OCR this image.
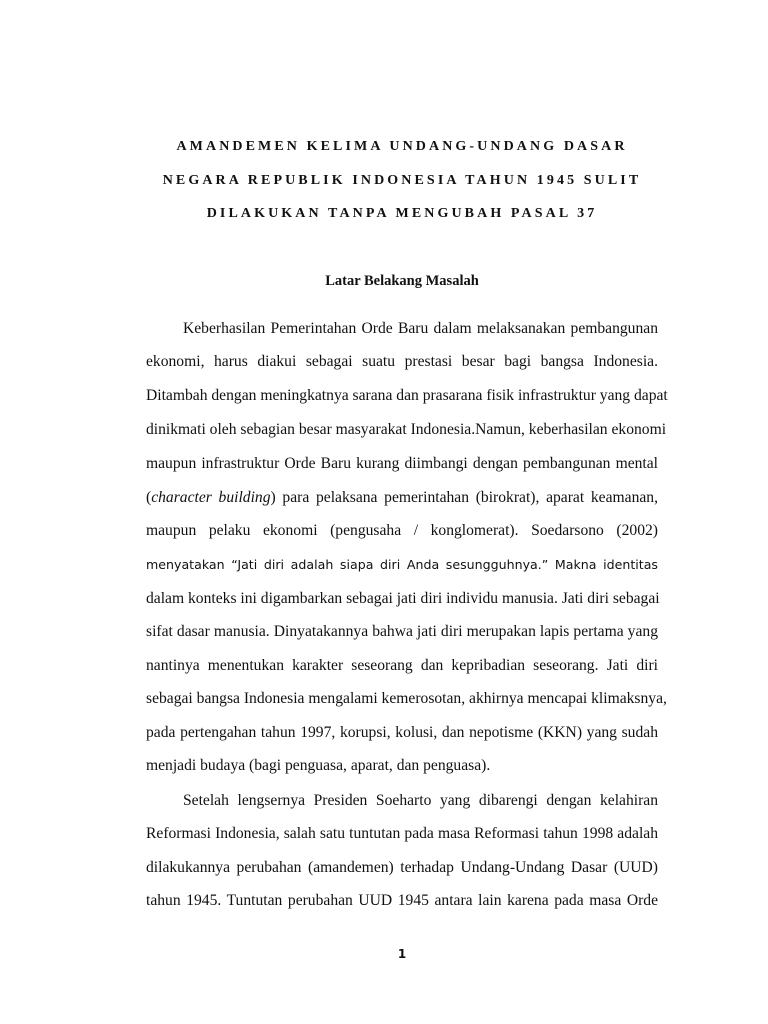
AMANDEMEN KELIMA UNDANG-UNDANG DASAR
NEGARA REPUBLIK INDONESIA TAHUN 1945 SULIT
DILAKUKAN TANPA MENGUBAH PASAL 37
Latar Belakang Masalah
Keberhasilan Pemerintahan Orde Baru dalam melaksanakan pembangunan
ekonomi, harus diakui sebagai suatu prestasi besar bagi bangsa Indonesia.
Ditambah dengan meningkatnya sarana dan prasarana fisik infrastruktur yang dapat
dinikmati oleh sebagian besar masyarakat Indonesia.Namun, keberhasilan ekonomi
maupun infrastruktur Orde Baru kurang diimbangi dengan pembangunan mental
(character building) para pelaksana pemerintahan (birokrat), aparat keamanan,
maupun pelaku ekonomi (pengusaha / konglomerat). Soedarsono (2002)
menyatakan “Jati diri adalah siapa diri Anda sesungguhnya.” Makna identitas
dalam konteks ini digambarkan sebagai jati diri individu manusia. Jati diri sebagai
sifat dasar manusia. Dinyatakannya bahwa jati diri merupakan lapis pertama yang
nantinya menentukan karakter seseorang dan kepribadian seseorang. Jati diri
sebagai bangsa Indonesia mengalami kemerosotan, akhirnya mencapai klimaksnya,
pada pertengahan tahun 1997, korupsi, kolusi, dan nepotisme (KKN) yang sudah
menjadi budaya (bagi penguasa, aparat, dan penguasa).
Setelah lengsernya Presiden Soeharto yang dibarengi dengan kelahiran
Reformasi Indonesia, salah satu tuntutan pada masa Reformasi tahun 1998 adalah
dilakukannya perubahan (amandemen) terhadap Undang-Undang Dasar (UUD)
tahun 1945. Tuntutan perubahan UUD 1945 antara lain karena pada masa Orde
1
